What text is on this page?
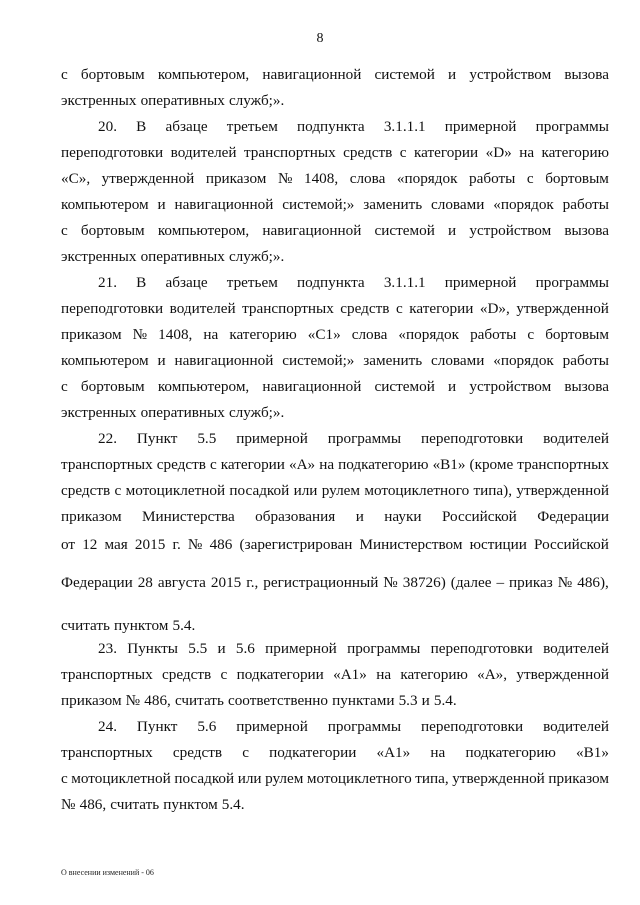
8
с бортовым компьютером, навигационной системой и устройством вызова
экстренных оперативных служб;».
20. В абзаце третьем подпункта 3.1.1.1 примерной программы
переподготовки водителей транспортных средств с категории «D» на категорию
«С», утвержденной приказом № 1408, слова «порядок работы с бортовым
компьютером и навигационной системой;» заменить словами «порядок работы
с бортовым компьютером, навигационной системой и устройством вызова
экстренных оперативных служб;».
21. В абзаце третьем подпункта 3.1.1.1 примерной программы
переподготовки водителей транспортных средств с категории «D», утвержденной
приказом № 1408, на категорию «С1» слова «порядок работы с бортовым
компьютером и навигационной системой;» заменить словами «порядок работы
с бортовым компьютером, навигационной системой и устройством вызова
экстренных оперативных служб;».
22. Пункт 5.5 примерной программы переподготовки водителей
транспортных средств с категории «А» на подкатегорию «В1» (кроме транспортных
средств с мотоциклетной посадкой или рулем мотоциклетного типа), утвержденной
приказом Министерства образования и науки Российской Федерации
от 12 мая 2015 г. № 486 (зарегистрирован Министерством юстиции Российской
Федерации 28 августа 2015 г., регистрационный № 38726) (далее – приказ № 486),
считать пунктом 5.4.
23. Пункты 5.5 и 5.6 примерной программы переподготовки водителей
транспортных средств с подкатегории «А1» на категорию «А», утвержденной
приказом № 486, считать соответственно пунктами 5.3 и 5.4.
24. Пункт 5.6 примерной программы переподготовки водителей
транспортных средств с подкатегории «А1» на подкатегорию «В1»
с мотоциклетной посадкой или рулем мотоциклетного типа, утвержденной приказом
№ 486, считать пунктом 5.4.
О внесении изменений - 06
